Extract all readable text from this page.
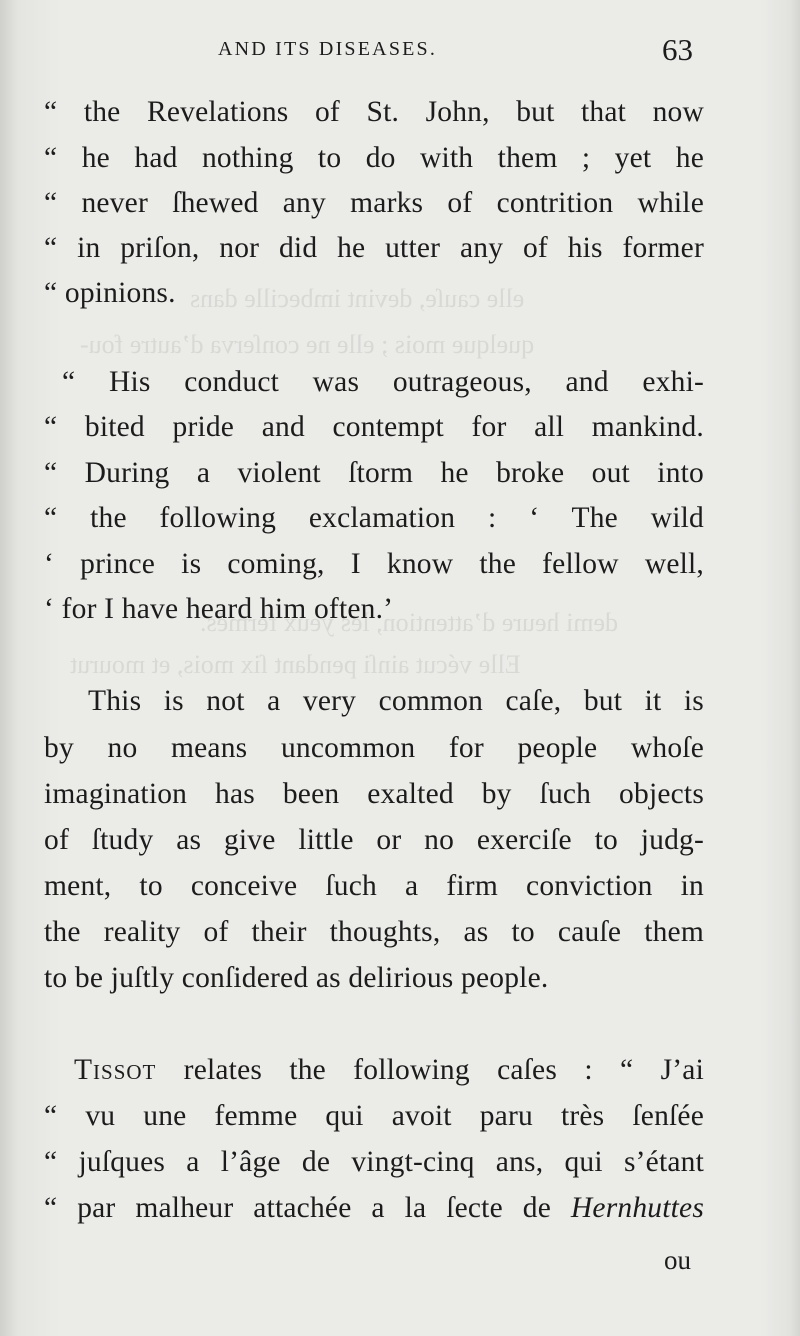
elle cauſe, devint imbecille dans
quelque mois ; elle ne conſerva d’autre fou-
demi heure d’attention, les yeux fermés.
Elle vécut ainſi pendant ſix mois, et mourut
AND ITS DISEASES.	63
“ the Revelations of St. John, but that now
“ he had nothing to do with them ; yet he
“ never ſhewed any marks of contrition while
“ in priſon, nor did he utter any of his former
“ opinions.
“ His conduct was outrageous, and exhi-
“ bited pride and contempt for all mankind.
“ During a violent ſtorm he broke out into
“ the following exclamation : ‘ The wild
‘ prince is coming, I know the fellow well,
‘ for I have heard him often.’
This is not a very common caſe, but it is
by no means uncommon for people whoſe
imagination has been exalted by ſuch objects
of ſtudy as give little or no exerciſe to judg-
ment, to conceive ſuch a firm conviction in
the reality of their thoughts, as to cauſe them
to be juſtly conſidered as delirious people.
Tissot relates the following caſes : “ J’ai
“ vu une femme qui avoit paru très ſenſée
“ juſques a l’âge de vingt-cinq ans, qui s’étant
“ par malheur attachée a la ſecte de Hernhuttes
ou
